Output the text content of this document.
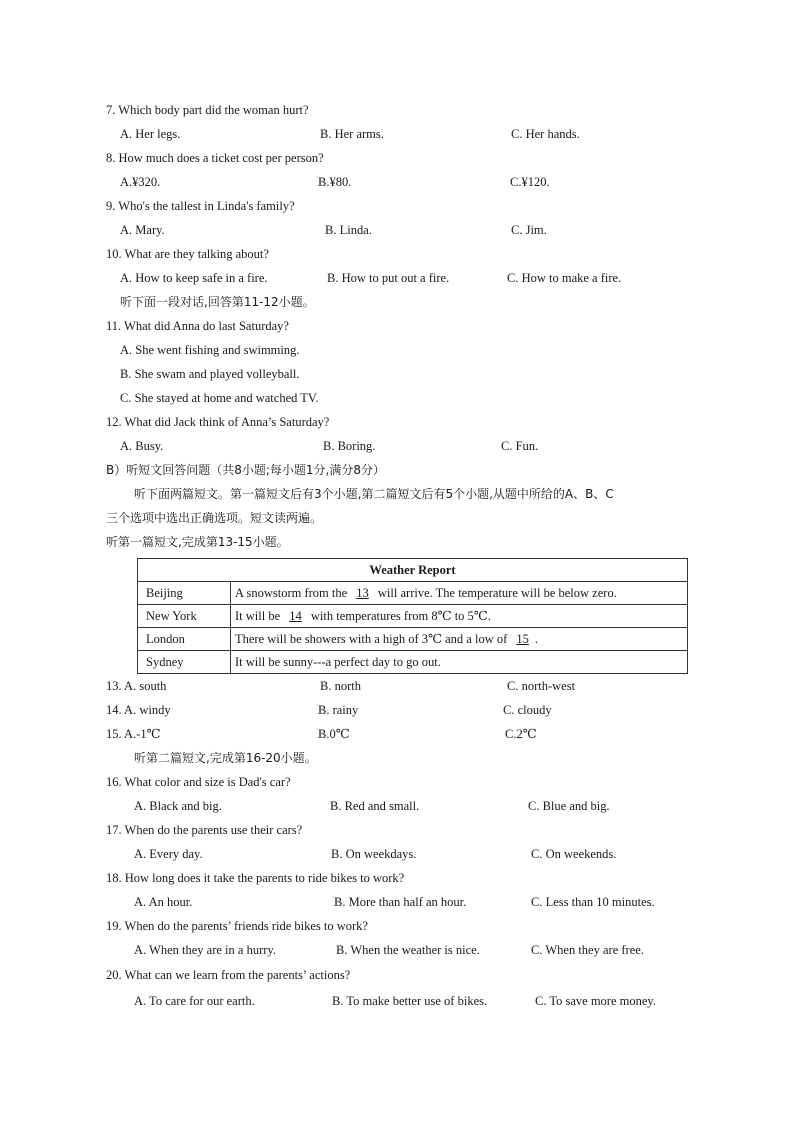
7. Which body part did the woman hurt?
A. Her legs.	B. Her arms.	C. Her hands.
8. How much does a ticket cost per person?
A.¥320.	B.¥80.	C.¥120.
9. Who's the tallest in Linda's family?
A. Mary.	B. Linda.	C. Jim.
10. What are they talking about?
A. How to keep safe in a fire.	B. How to put out a fire.	C. How to make a fire.
听下面一段对话,回答第11-12小题。
11. What did Anna do last Saturday?
A. She went fishing and swimming.
B. She swam and played volleyball.
C. She stayed at home and watched TV.
12. What did Jack think of Anna’s Saturday?
A. Busy.	B. Boring.	C. Fun.
B）听短文回答问题（共8小题;每小题1分,满分8分）
听下面两篇短文。第一篇短文后有3个小题,第二篇短文后有5个小题,从题中所给的A、B、C
三个选项中选出正确选项。短文读两遍。
听第一篇短文,完成第13-15小题。
Weather Report	
Beijing	A snowstorm from the 13 will arrive. The temperature will be below zero.
New York	It will be 14 with temperatures from 8℃ to 5℃.
London	There will be showers with a high of 3℃ and a low of 15 .
Sydney	It will be sunny---a perfect day to go out.
13. A. south	B. north	C. north-west
14. A. windy	B. rainy	C. cloudy
15. A.-1℃	B.0℃	C.2℃
听第二篇短文,完成第16-20小题。
16. What color and size is Dad's car?
A. Black and big.	B. Red and small.	C. Blue and big.
17. When do the parents use their cars?
A. Every day.	B. On weekdays.	C. On weekends.
18. How long does it take the parents to ride bikes to work?
A. An hour.	B. More than half an hour.	C. Less than 10 minutes.
19. When do the parents’ friends ride bikes to work?
A. When they are in a hurry.	B. When the weather is nice.	C. When they are free.
20. What can we learn from the parents’ actions?
A. To care for our earth.	B. To make better use of bikes.	C. To save more money.
